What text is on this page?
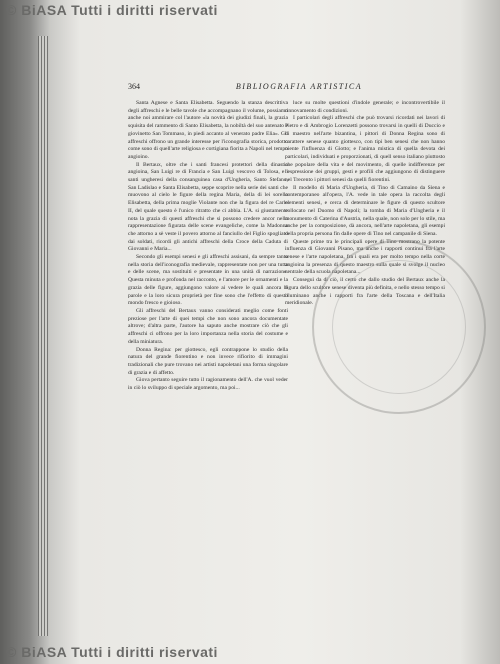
© BiASA Tutti i diritti riservati
364	BIBLIOGRAFIA ARTISTICA

Santa Agnese e Santa Elisabetta. Seguendo la stanza descrittiva degli affreschi e le belle tavole che accompagnano il volume, possiamo anche noi ammirare col l'autore «la novità dei giudizi finali, la grazia squisita del rammento di Santo Elisabetta, la nobiltà del suo antenato e giovinetto San Tommaso, in piedi accanto al venerato padre Elia». Gli affreschi offrono un grande interesse per l'iconografia storica, prodotto come sono di quell'arte religiosa e cortigiana fiorita a Napoli nel tempo angioino.

Il Bertaux, oltre che i santi francesi protettori della dinastia angioina, San Luigi re di Francia e San Luigi vescovo di Tolosa, e i santi ungheresi della consanguinea casa d'Ungheria, Santo Stefano, San Ladislao e Santa Elisabetta, seppe scoprire nella serie dei santi che muovono al cielo le figure della regina Maria, della di lei sorella Elisabetta, della prima moglie Violante non che la figura del re Carlo II, del quale questo è l'unico ritratto che ci abbia. L'A. si giustamente nota la grazia di questi affreschi che si possono credere ancor nella rappresentazione figurata delle scene evangeliche, come la Madonna che attorno a sè veste il povero attorno al fanciullo del Figlio spogliato dai soldati, ricordi gli antichi affreschi della Croce della Caduta di Giovanni e Maria...

Secondo gli esempi senesi e gli affreschi assisani, da sempre tanto nella storia dell'iconografia medievale, rappresentate non per una tutta e delle scene, ma sostituiti e presentate in una unità di narrazione. Questa minuta e profonda nel racconto, e l'amore per le ornamenti e la grazia delle figure, aggiungono valore ai vedere le quali ancora le parole e la loro sicura proprietà per fine sono che l'effetto di questo mondo fresco e gioioso.

Gli affreschi del Bertaux vanno considerati meglio come fonti preziose per l'arte di quei tempi che non sono ancora documentate altrove; d'altra parte, l'autore ha saputo anche mostrare ciò che gli affreschi ci offrono per la loro importanza nella storia del costume e della miniatura.

Donna Regina: per giottesco, egli contrappone lo studio della natura del grande fiorentino e non invece rifiorito di immagini tradizionali che pure trovano nei artisti napoletani una forma singolare di grazia e di affetto.

Giova pertanto seguire tutto il ragionamento dell'A. che vuol veder in ciò lo sviluppo di speciale argomento, ma poi...

luce su molte questioni d'indole generale; e incontrovertibile il rinnovamento di condizioni.

I particolari degli affreschi che può trovarsi ricordati nei lavori di Pietro e di Ambrogio Lorenzetti possono trovarsi in quelli di Duccio e di maestro nell'arte bizantina, i pittori di Donna Regina sono di carattere senese quanto giottesco, con tipi ben senesi che non hanno niente l'influenza di Giotto; e l'anima mistica di quella devota dei particolari, individuati e proporzionati, di quell senso italiano piuttosto che popolare della vita e del movimento, di quelle indifferenze per l'espressione dei gruppi, gesti e profili che aggiungono di distinguere nel Trecento i pittori senesi da quelli fiorentini.

Il modello di Maria d'Ungheria, di Tino di Camaino da Siena e contemporaneo all'opera, l'A. vede in tale opera la raccolta degli elementi senesi, e cerca di determinare le figure di questo scultore collocato nel Duomo di Napoli; la tomba di Maria d'Ungheria e il monumento di Caterina d'Austria, nella quale, non solo per lo stile, ma anche per la composizione, dà ancora, nell'arte napoletana, gli esempi della propria persona fin dalle opere di Tino nel campanile di Siena.

Queste prime tra le principali opere di Tino mostrano la potente influenza di Giovanni Pisano, ma anche i rapporti continui fra l'arte senese e l'arte napoletana, fra i quali era per molto tempo nella corte angioina la presenza di questo maestro sulla quale si svolge il nucleo centrale della scuola napoletana...

Conseguì da di ciò, il certo che dallo studio del Bertaux anche la figura dello scultore senese diventa più definita, e nello stesso tempo si illuminano anche i rapporti fra l'arte della Toscana e dell'Italia meridionale.

© BiASA Tutti i diritti riservati
